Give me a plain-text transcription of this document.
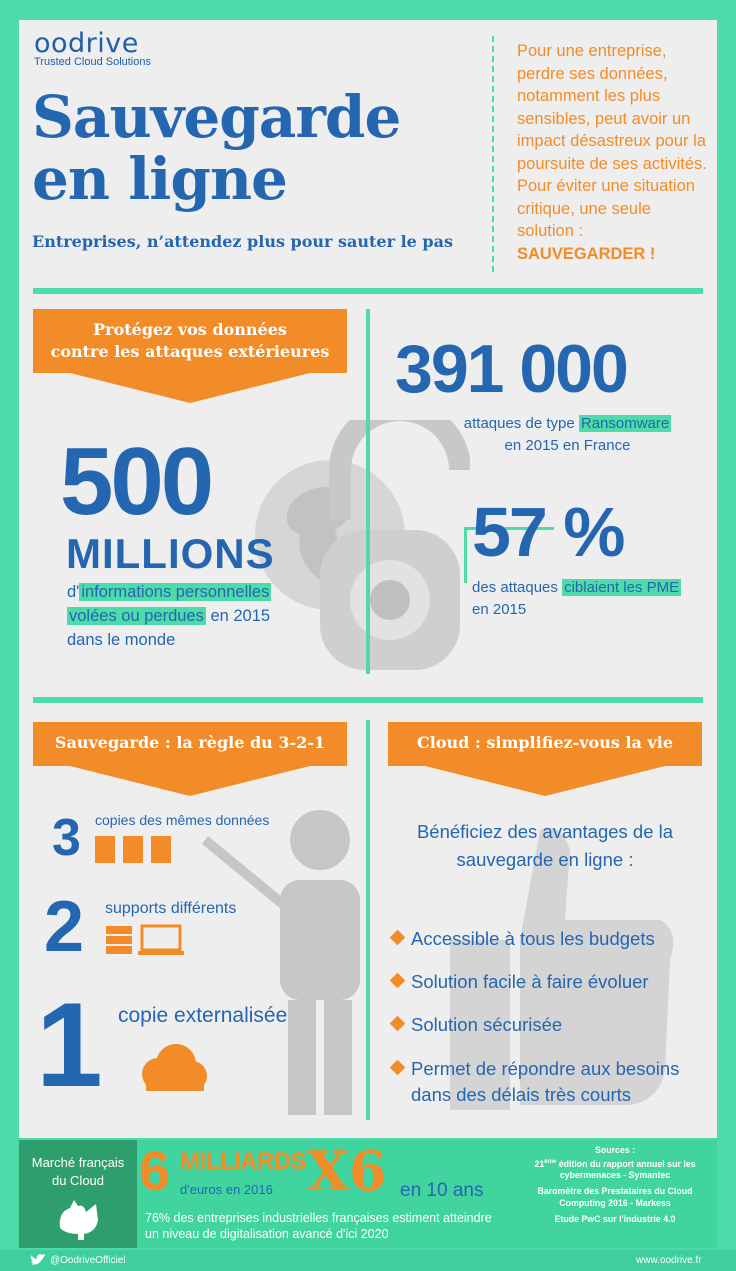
oodrive
Trusted Cloud Solutions
Sauvegarde
en ligne
Entreprises, n’attendez plus pour sauter le pas
Pour une entreprise, perdre ses données, notamment les plus sensibles, peut avoir un impact désastreux pour la poursuite de ses activités. Pour éviter une situation critique, une seule solution : SAUVEGARDER !
Protégez vos données
contre les attaques extérieures
500
MILLIONS
d' informations personnelles
volées ou perdues en 2015
dans le monde
391 000
attaques de type Ransomware
en 2015 en France
57 %
des attaques ciblaient les PME
en 2015
Sauvegarde : la règle du 3-2-1
3 copies des mêmes données
2 supports différents
1 copie externalisée
Cloud : simplifiez-vous la vie
Bénéficiez des avantages de la
sauvegarde en ligne :
Accessible à tous les budgets
Solution facile à faire évoluer
Solution sécurisée
Permet de répondre aux besoins
dans des délais très courts
Marché français
du Cloud 6 MILLIARDS
d'euros en 2016 X6 en 10 ans
76% des entreprises industrielles françaises estiment atteindre
un niveau de digitalisation avancé d'ici 2020
Sources :
21ème édition du rapport annuel sur les
cybermenaces - Symantec
Baromètre des Prestataires du Cloud
Computing 2016 - Markess
Etude PwC sur l'industrie 4.0
@OodriveOfficiel	www.oodrive.fr
